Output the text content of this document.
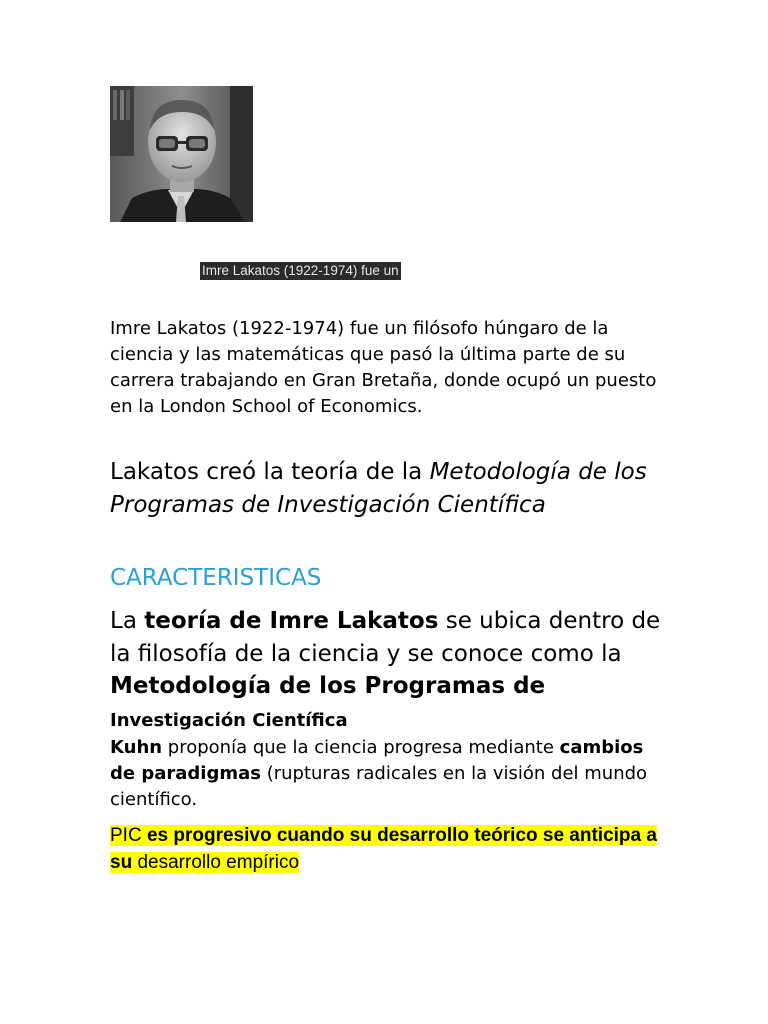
Imre Lakatos (1922-1974) fue un

Imre Lakatos (1922-1974) fue un filósofo húngaro de la ciencia y las matemáticas que pasó la última parte de su carrera trabajando en Gran Bretaña, donde ocupó un puesto en la London School of Economics.

Lakatos creó la teoría de la Metodología de los Programas de Investigación Científica

CARACTERISTICAS

La teoría de Imre Lakatos se ubica dentro de la filosofía de la ciencia y se conoce como la Metodología de los Programas de Investigación Científica

Kuhn proponía que la ciencia progresa mediante cambios de paradigmas (rupturas radicales en la visión del mundo científico.

PIC es progresivo cuando su desarrollo teórico se anticipa a su desarrollo empírico
